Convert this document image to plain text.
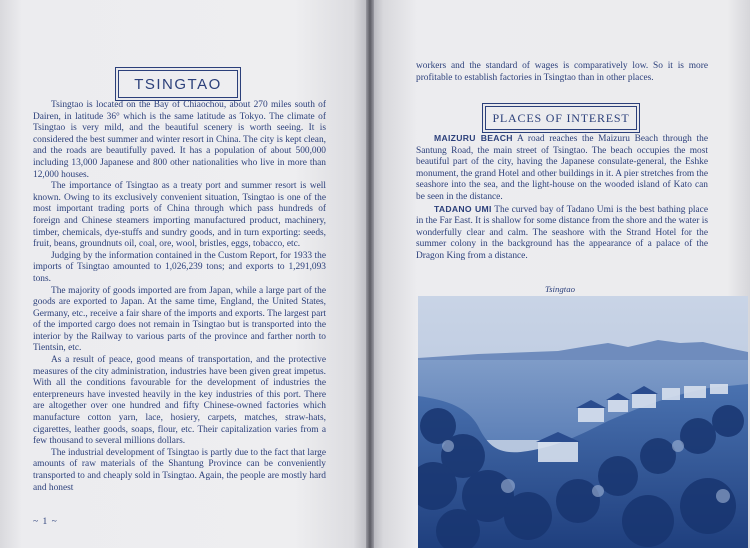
TSINGTAO

Tsingtao is located on the Bay of Chiaochou, about 270 miles south of Dairen, in latitude 36° which is the same latitude as Tokyo. The climate of Tsingtao is very mild, and the beautiful scenery is worth seeing. It is considered the best summer and winter resort in China. The city is kept clean, and the roads are beautifully paved. It has a population of about 500,000 including 13,000 Japanese and 800 other nationalities who live in more than 12,000 houses.

The importance of Tsingtao as a treaty port and summer resort is well known. Owing to its exclusively convenient situation, Tsingtao is one of the most important trading ports of China through which pass hundreds of foreign and Chinese steamers importing manufactured product, machinery, timber, chemicals, dye-stuffs and sundry goods, and in turn exporting: seeds, fruit, beans, groundnuts oil, coal, ore, wool, bristles, eggs, tobacco, etc.

Judging by the information contained in the Custom Report, for 1933 the imports of Tsingtao amounted to 1,026,239 tons; and exports to 1,291,093 tons.

The majority of goods imported are from Japan, while a large part of the goods are exported to Japan. At the same time, England, the United States, Germany, etc., receive a fair share of the imports and exports. The largest part of the imported cargo does not remain in Tsingtao but is transported into the interior by the Railway to various parts of the province and farther north to Tientsin, etc.

As a result of peace, good means of transportation, and the protective measures of the city administration, industries have been given great impetus. With all the conditions favourable for the development of industries the enterpreneurs have invested heavily in the key industries of this port. There are altogether over one hundred and fifty Chinese-owned factories which manufacture cotton yarn, lace, hosiery, carpets, matches, straw-hats, cigarettes, leather goods, soaps, flour, etc. Their capitalization varies from a few thousand to several millions dollars.

The industrial development of Tsingtao is partly due to the fact that large amounts of raw materials of the Shantung Province can be conveniently transported to and cheaply sold in Tsingtao. Again, the people are mostly hard and honest

~ 1 ~

workers and the standard of wages is comparatively low. So it is more profitable to establish factories in Tsingtao than in other places.

PLACES OF INTEREST

MAIZURU BEACH A road reaches the Maizuru Beach through the Santung Road, the main street of Tsingtao. The beach occupies the most beautiful part of the city, having the Japanese consulate-general, the Eshke monument, the grand Hotel and other buildings in it. A pier stretches from the seashore into the sea, and the light-house on the wooded island of Kato can be seen in the distance.

TADANO UMI The curved bay of Tadano Umi is the best bathing place in the Far East. It is shallow for some distance from the shore and the water is wonderfully clear and calm. The seashore with the Strand Hotel for the summer colony in the background has the appearance of a palace of the Dragon King from a distance.

Tsingtao
